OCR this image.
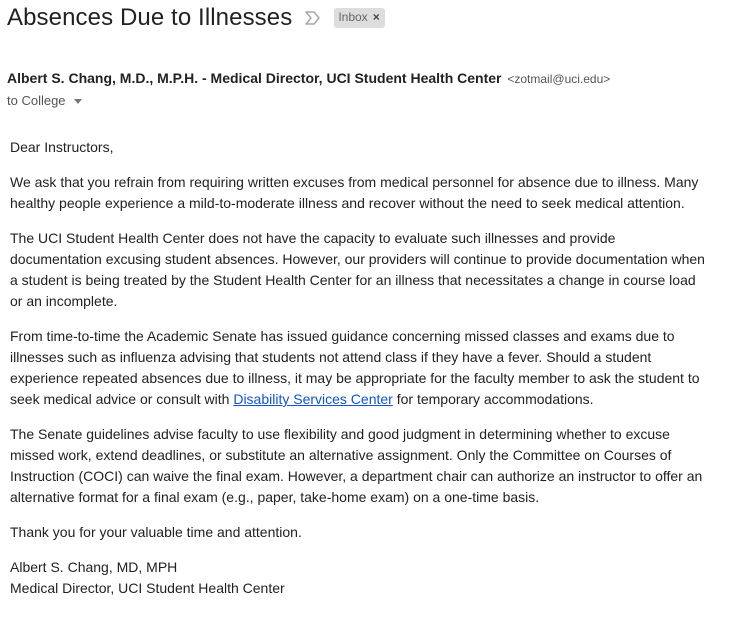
Absences Due to Illnesses	Inbox ×
Albert S. Chang, M.D., M.P.H. - Medical Director, UCI Student Health Center <zotmail@uci.edu>
to College

Dear Instructors,

We ask that you refrain from requiring written excuses from medical personnel for absence due to illness. Many healthy people experience a mild-to-moderate illness and recover without the need to seek medical attention.

The UCI Student Health Center does not have the capacity to evaluate such illnesses and provide documentation excusing student absences. However, our providers will continue to provide documentation when a student is being treated by the Student Health Center for an illness that necessitates a change in course load or an incomplete.

From time-to-time the Academic Senate has issued guidance concerning missed classes and exams due to illnesses such as influenza advising that students not attend class if they have a fever. Should a student experience repeated absences due to illness, it may be appropriate for the faculty member to ask the student to seek medical advice or consult with Disability Services Center for temporary accommodations.

The Senate guidelines advise faculty to use flexibility and good judgment in determining whether to excuse missed work, extend deadlines, or substitute an alternative assignment. Only the Committee on Courses of Instruction (COCI) can waive the final exam. However, a department chair can authorize an instructor to offer an alternative format for a final exam (e.g., paper, take-home exam) on a one-time basis.

Thank you for your valuable time and attention.

Albert S. Chang, MD, MPH

Medical Director, UCI Student Health Center
